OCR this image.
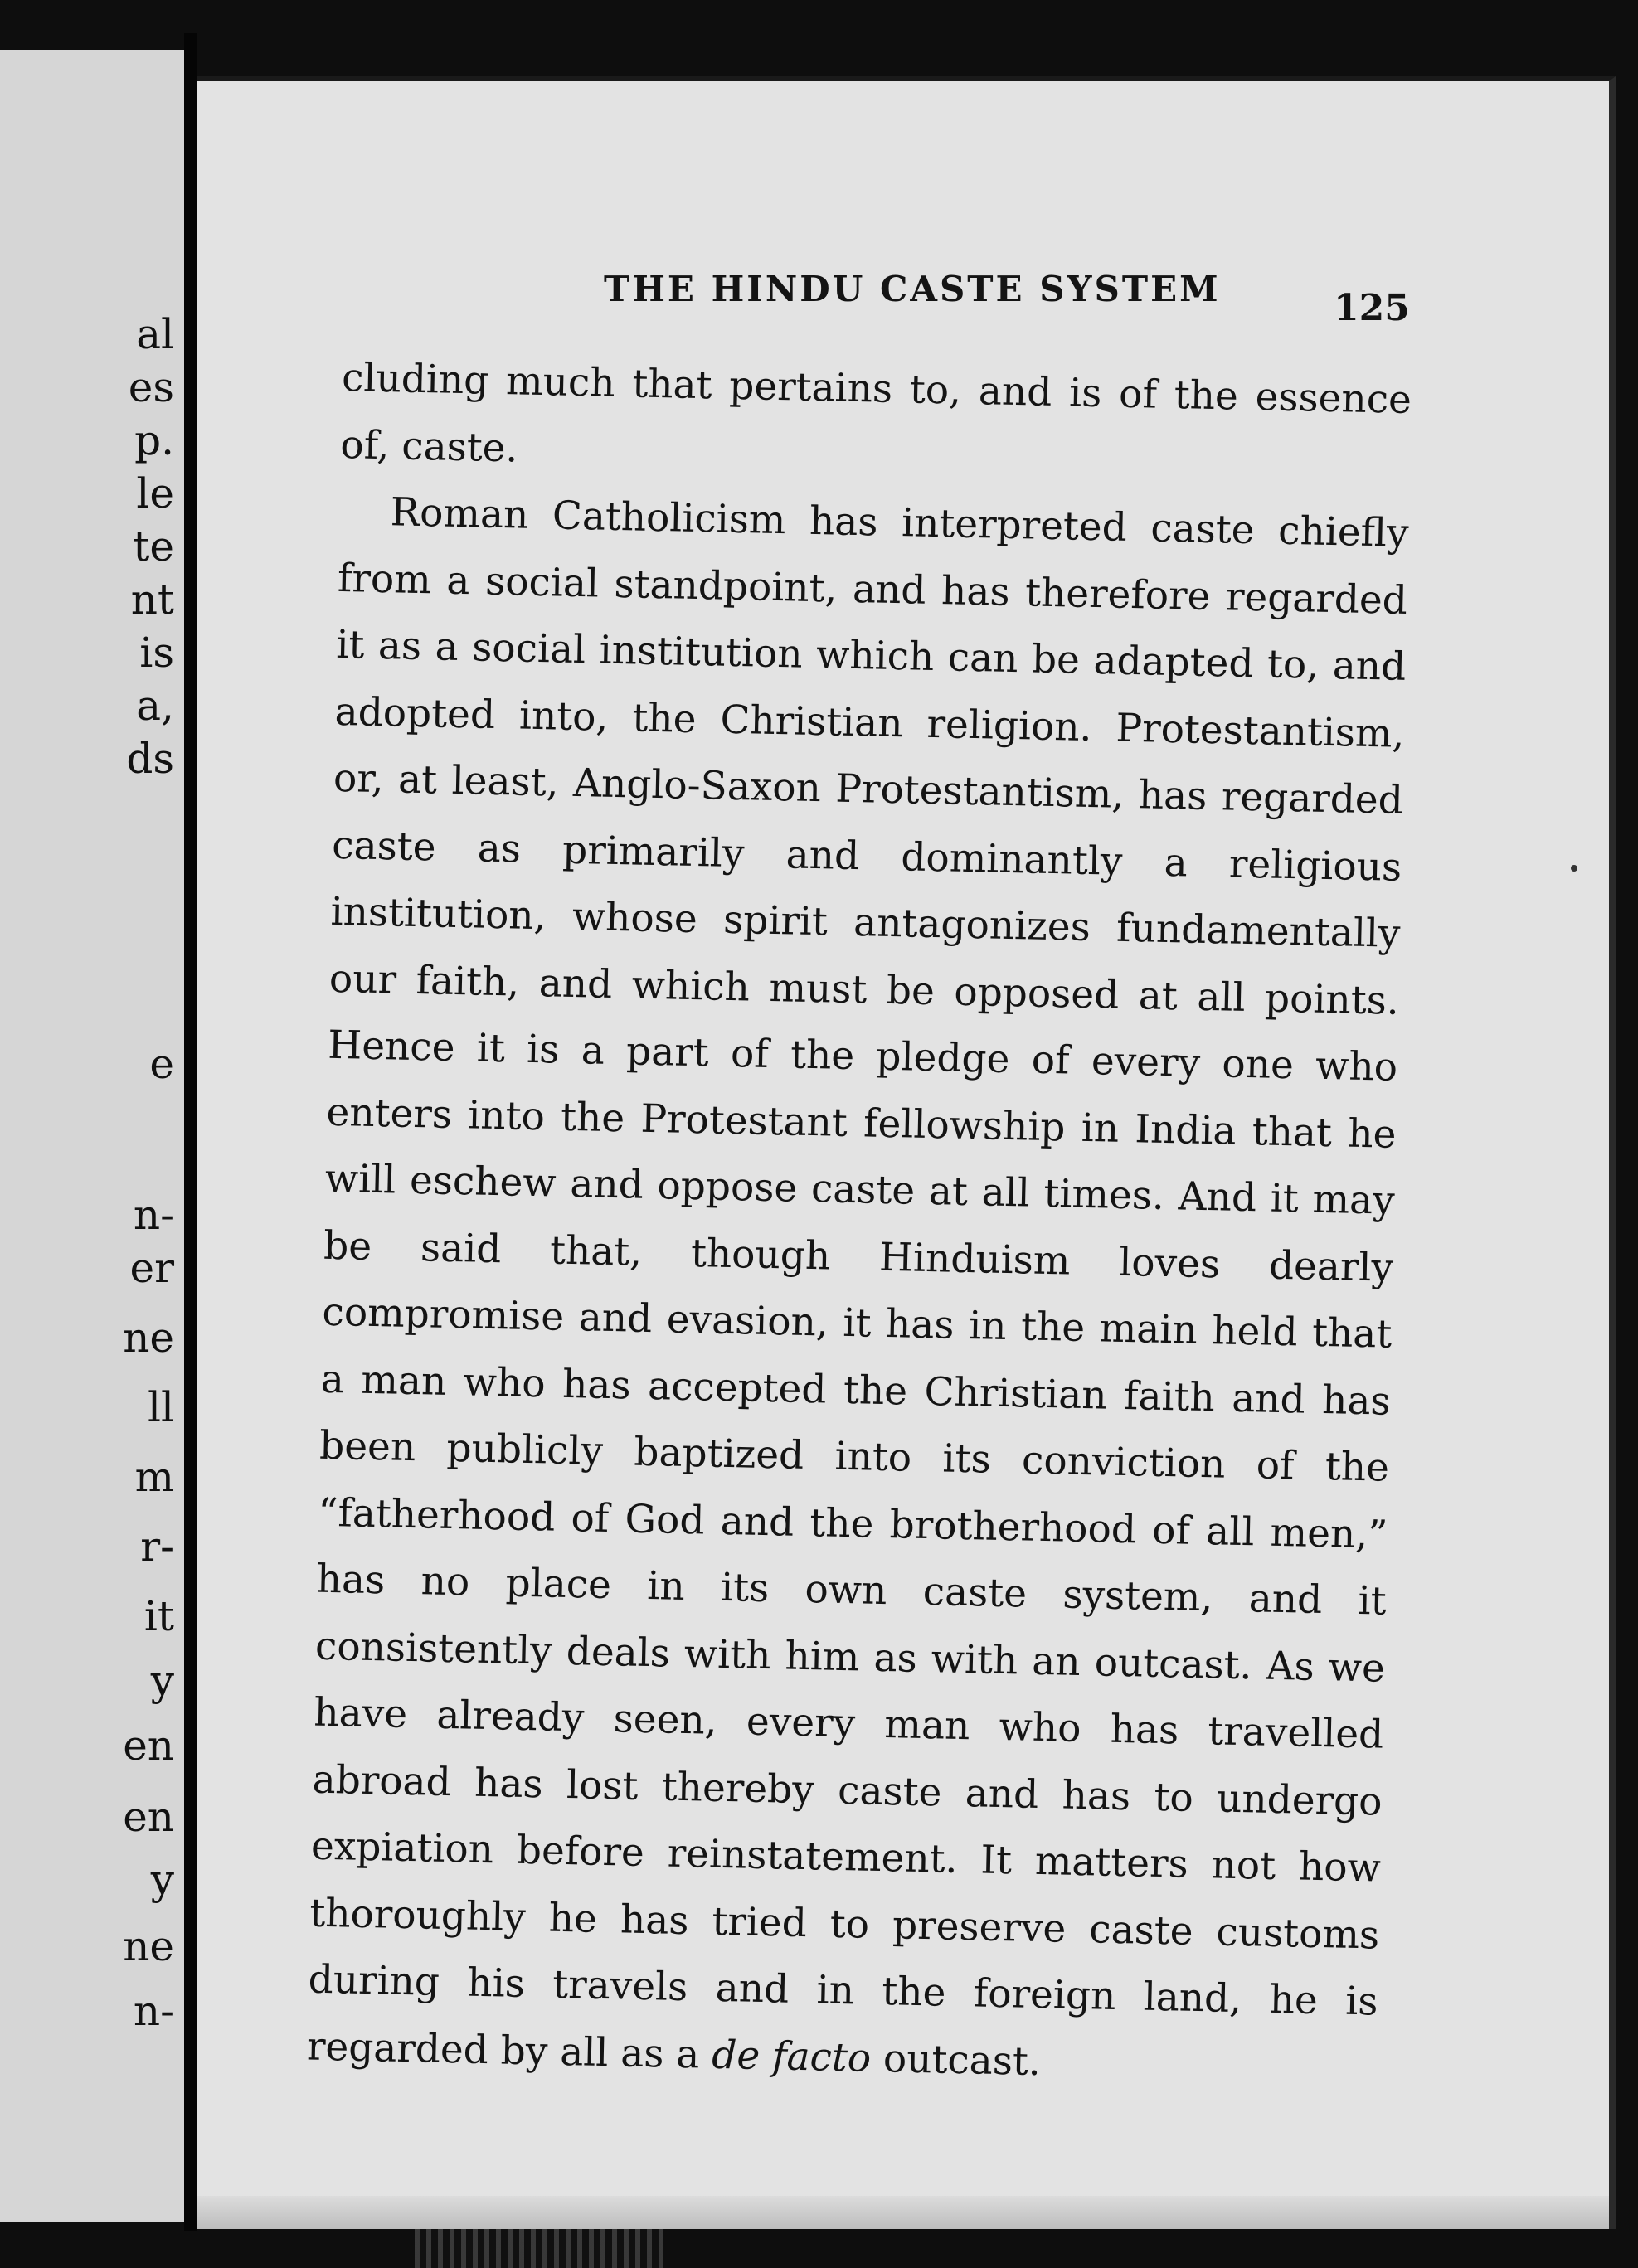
al
es
p.
le
te
nt
is
a,
ds
e
n-
er
ne
ll
m
r-
it
y
en
en
y
ne
n-
THE HINDU CASTE SYSTEM	125

cluding much that pertains to, and is of the essence of, caste.

Roman Catholicism has interpreted caste chiefly from a social standpoint, and has therefore regarded it as a social institution which can be adapted to, and adopted into, the Christian religion. Protestantism, or, at least, Anglo-Saxon Protestantism, has regarded caste as primarily and dominantly a religious institution, whose spirit antagonizes fundamentally our faith, and which must be opposed at all points. Hence it is a part of the pledge of every one who enters into the Protestant fellowship in India that he will eschew and oppose caste at all times. And it may be said that, though Hinduism loves dearly compromise and evasion, it has in the main held that a man who has accepted the Christian faith and has been publicly baptized into its conviction of the “fatherhood of God and the brotherhood of all men,” has no place in its own caste system, and it consistently deals with him as with an outcast. As we have already seen, every man who has travelled abroad has lost thereby caste and has to undergo expiation before reinstatement. It matters not how thoroughly he has tried to preserve caste customs during his travels and in the foreign land, he is regarded by all as a de facto outcast.
